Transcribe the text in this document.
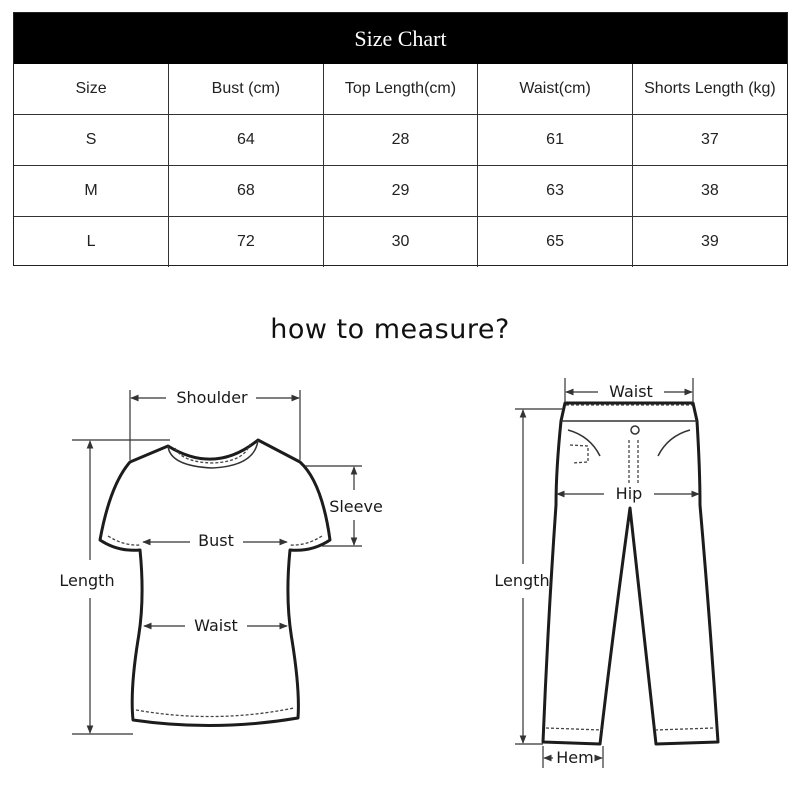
Size Chart
Size	Bust (cm)	Top Length(cm)	Waist(cm)	Shorts Length (kg)
S	64	28	61	37
M	68	29	63	38
L	72	30	65	39
how to measure?
Shoulder
Sleeve
Bust
Waist
Length
Waist
Hip
Length
Hem
